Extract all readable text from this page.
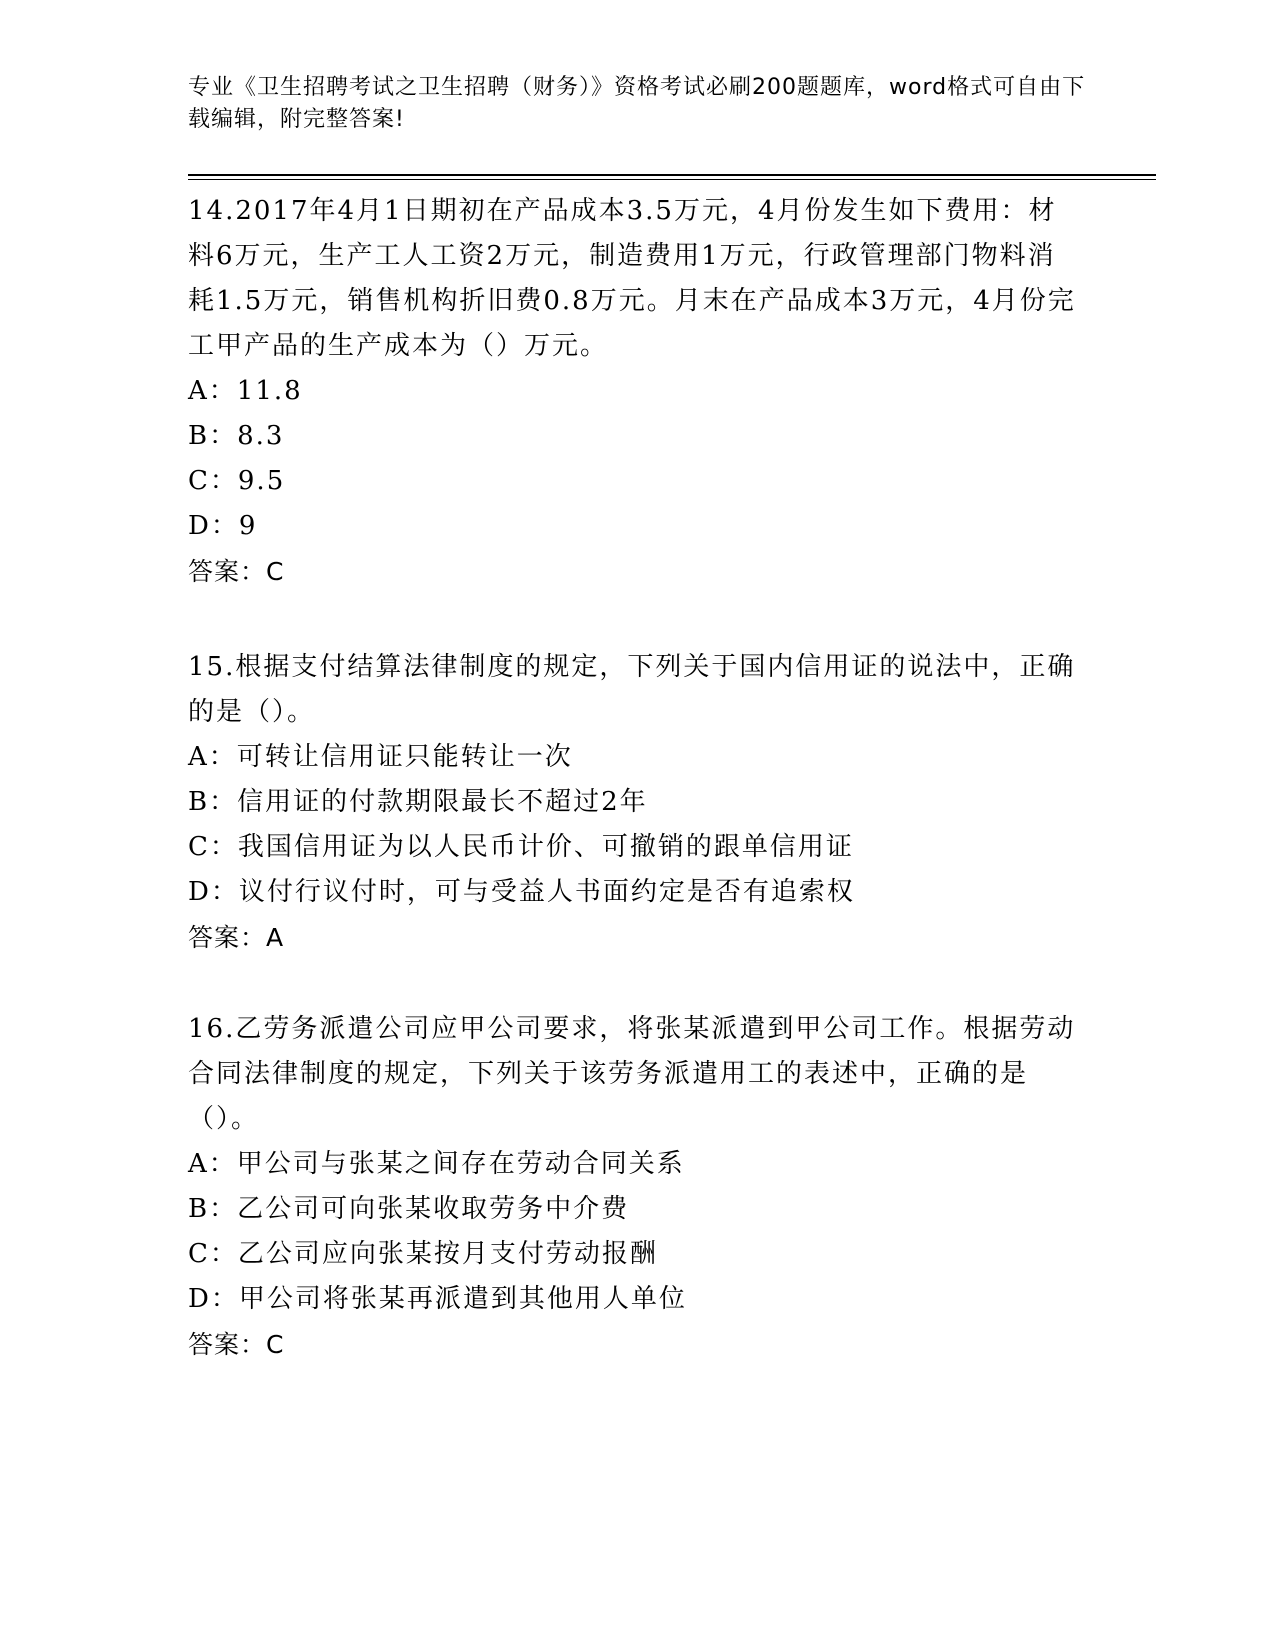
专业《卫生招聘考试之卫生招聘（财务）》资格考试必刷200题题库，word格式可自由下载编辑，附完整答案!

14.2017年4月1日期初在产品成本3.5万元，4月份发生如下费用：材料6万元，生产工人工资2万元，制造费用1万元，行政管理部门物料消耗1.5万元，销售机构折旧费0.8万元。月末在产品成本3万元，4月份完工甲产品的生产成本为（）万元。

A：11.8

B：8.3

C：9.5

D：9

答案：C

15.根据支付结算法律制度的规定，下列关于国内信用证的说法中，正确的是（）。

A：可转让信用证只能转让一次

B：信用证的付款期限最长不超过2年

C：我国信用证为以人民币计价、可撤销的跟单信用证

D：议付行议付时，可与受益人书面约定是否有追索权

答案：A

16.乙劳务派遣公司应甲公司要求，将张某派遣到甲公司工作。根据劳动合同法律制度的规定，下列关于该劳务派遣用工的表述中，正确的是（）。

A：甲公司与张某之间存在劳动合同关系

B：乙公司可向张某收取劳务中介费

C：乙公司应向张某按月支付劳动报酬

D：甲公司将张某再派遣到其他用人单位

答案：C
